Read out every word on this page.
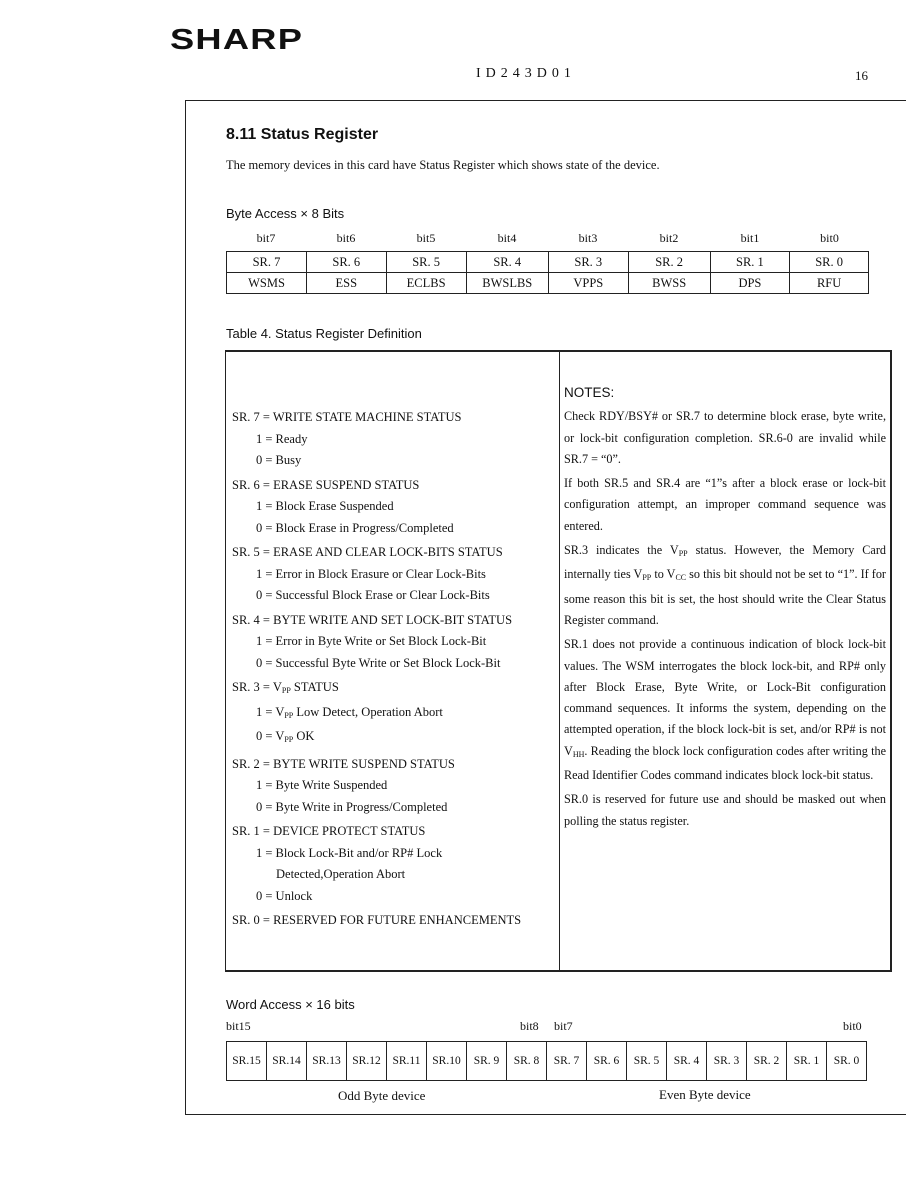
SHARP
ID243D01	16
8.11 Status Register
The memory devices in this card have Status Register which shows state of the device.
Byte Access × 8 Bits
bit7	bit6	bit5	bit4	bit3	bit2	bit1	bit0
SR. 7	SR. 6	SR. 5	SR. 4	SR. 3	SR. 2	SR. 1	SR. 0
WSMS	ESS	ECLBS	BWSLBS	VPPS	BWSS	DPS	RFU
Table 4. Status Register Definition
SR. 7 = WRITE STATE MACHINE STATUS
1 = Ready
0 = Busy
SR. 6 = ERASE SUSPEND STATUS
1 = Block Erase Suspended
0 = Block Erase in Progress/Completed
SR. 5 = ERASE AND CLEAR LOCK-BITS STATUS
1 = Error in Block Erasure or Clear Lock-Bits
0 = Successful Block Erase or Clear Lock-Bits
SR. 4 = BYTE WRITE AND SET LOCK-BIT STATUS
1 = Error in Byte Write or Set Block Lock-Bit
0 = Successful Byte Write or Set Block Lock-Bit
SR. $3 = V_{PP}$ STATUS
$1 = V_{PP}$ Low Detect, Operation Abort
$0 = V_{PP}$ OK
SR. 2 = BYTE WRITE SUSPEND STATUS
1 = Byte Write Suspended
0 = Byte Write in Progress/Completed
SR. 1 = DEVICE PROTECT STATUS
1 = Block Lock-Bit and/or RP# Lock
Detected,Operation Abort
0 = Unlock
SR. 0 = RESERVED FOR FUTURE ENHANCEMENTS
NOTES:

Check RDY/BSY# or SR.7 to determine block erase, byte write, or lock-bit configuration completion. SR.6-0 are invalid while SR.7 = “0”.

If both SR.5 and SR.4 are “1”s after a block erase or lock-bit configuration attempt, an improper command sequence was entered.

SR.3 indicates the $V_{PP}$ status. However, the Memory Card internally ties $V_{PP}$ to $V_{CC}$ so this bit should not be set to “1”. If for some reason this bit is set, the host should write the Clear Status Register command.

SR.1 does not provide a continuous indication of block lock-bit values. The WSM interrogates the block lock-bit, and RP# only after Block Erase, Byte Write, or Lock-Bit configuration command sequences. It informs the system, depending on the attempted operation, if the block lock-bit is set, and/or RP# is not $V_{HH}$. Reading the block lock configuration codes after writing the Read Identifier Codes command indicates block lock-bit status.

SR.0 is reserved for future use and should be masked out when polling the status register.

Word Access × 16 bits
bit15	bit8 bit7	bit0
SR.15	SR.14	SR.13	SR.12	SR.11	SR.10	SR. 9	SR. 8	SR. 7	SR. 6	SR. 5	SR. 4	SR. 3	SR. 2	SR. 1	SR. 0
Odd Byte device	Even Byte device
